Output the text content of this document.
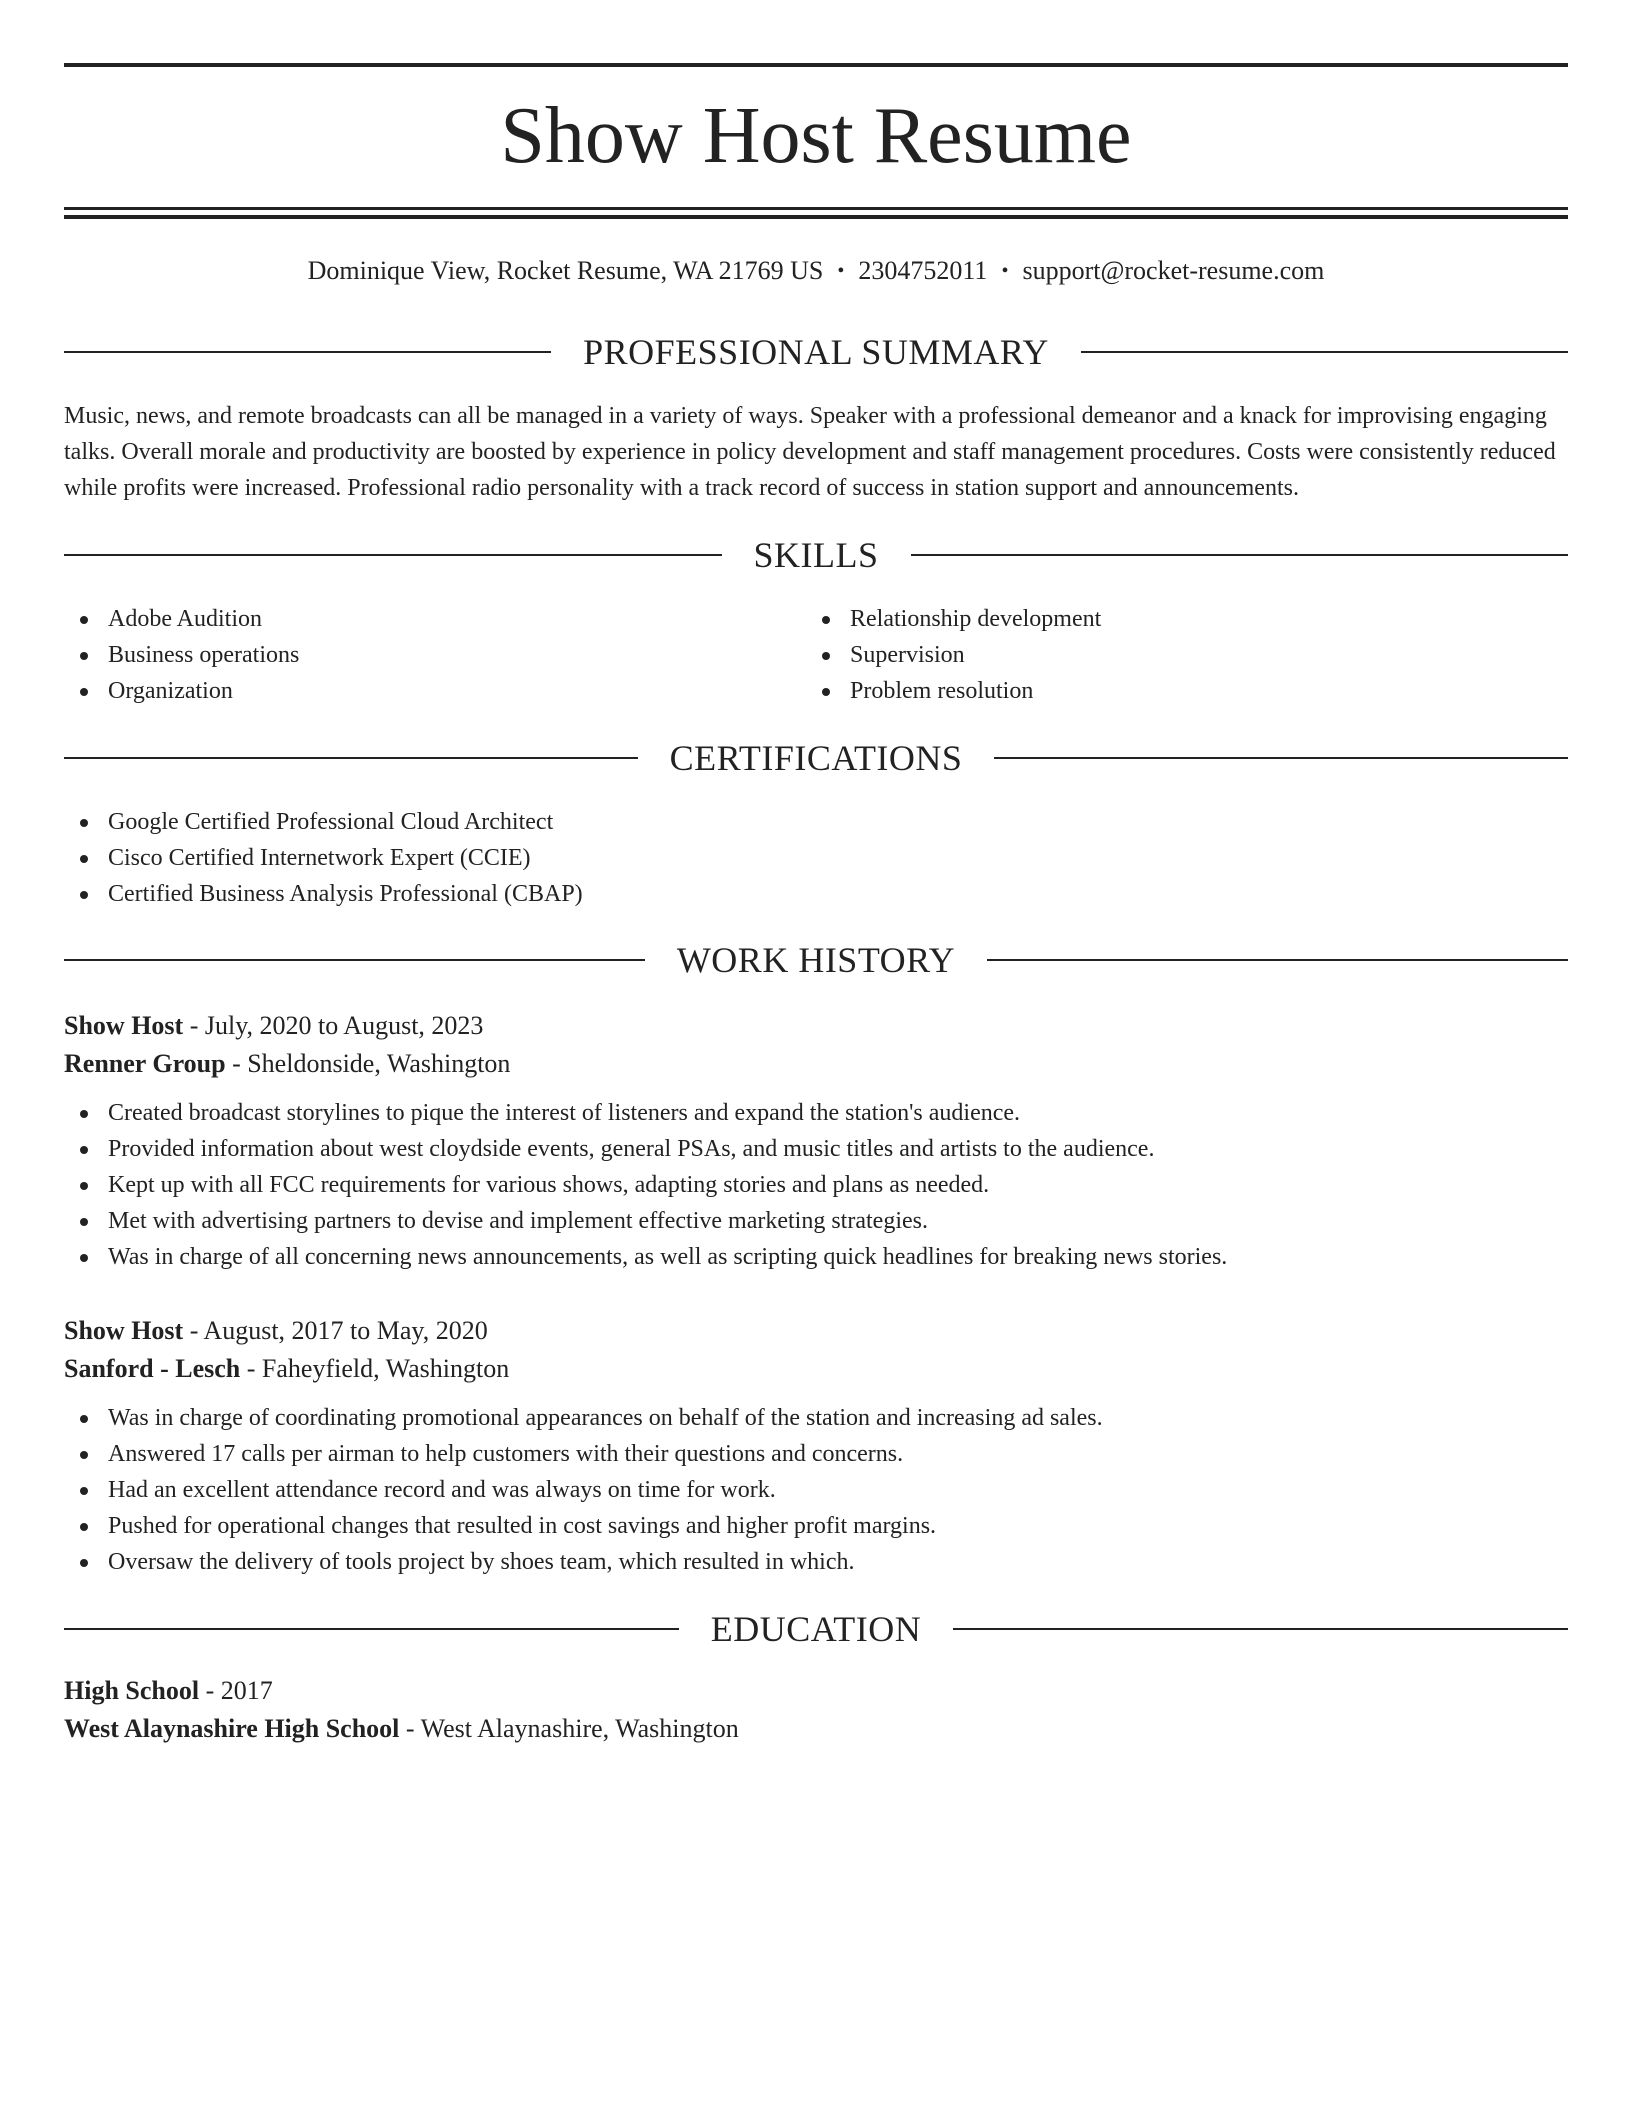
Show Host Resume
Dominique View, Rocket Resume, WA 21769 US • 2304752011 • support@rocket-resume.com
PROFESSIONAL SUMMARY

Music, news, and remote broadcasts can all be managed in a variety of ways. Speaker with a professional demeanor and a knack for improvising engaging talks. Overall morale and productivity are boosted by experience in policy development and staff management procedures. Costs were consistently reduced while profits were increased. Professional radio personality with a track record of success in station support and announcements.

SKILLS
Adobe Audition
Business operations
Organization
Relationship development
Supervision
Problem resolution
CERTIFICATIONS
Google Certified Professional Cloud Architect
Cisco Certified Internetwork Expert (CCIE)
Certified Business Analysis Professional (CBAP)
WORK HISTORY
Show Host - July, 2020 to August, 2023
Renner Group - Sheldonside, Washington
Created broadcast storylines to pique the interest of listeners and expand the station's audience.
Provided information about west cloydside events, general PSAs, and music titles and artists to the audience.
Kept up with all FCC requirements for various shows, adapting stories and plans as needed.
Met with advertising partners to devise and implement effective marketing strategies.
Was in charge of all concerning news announcements, as well as scripting quick headlines for breaking news stories.
Show Host - August, 2017 to May, 2020
Sanford - Lesch - Faheyfield, Washington
Was in charge of coordinating promotional appearances on behalf of the station and increasing ad sales.
Answered 17 calls per airman to help customers with their questions and concerns.
Had an excellent attendance record and was always on time for work.
Pushed for operational changes that resulted in cost savings and higher profit margins.
Oversaw the delivery of tools project by shoes team, which resulted in which.
EDUCATION
High School - 2017
West Alaynashire High School - West Alaynashire, Washington
